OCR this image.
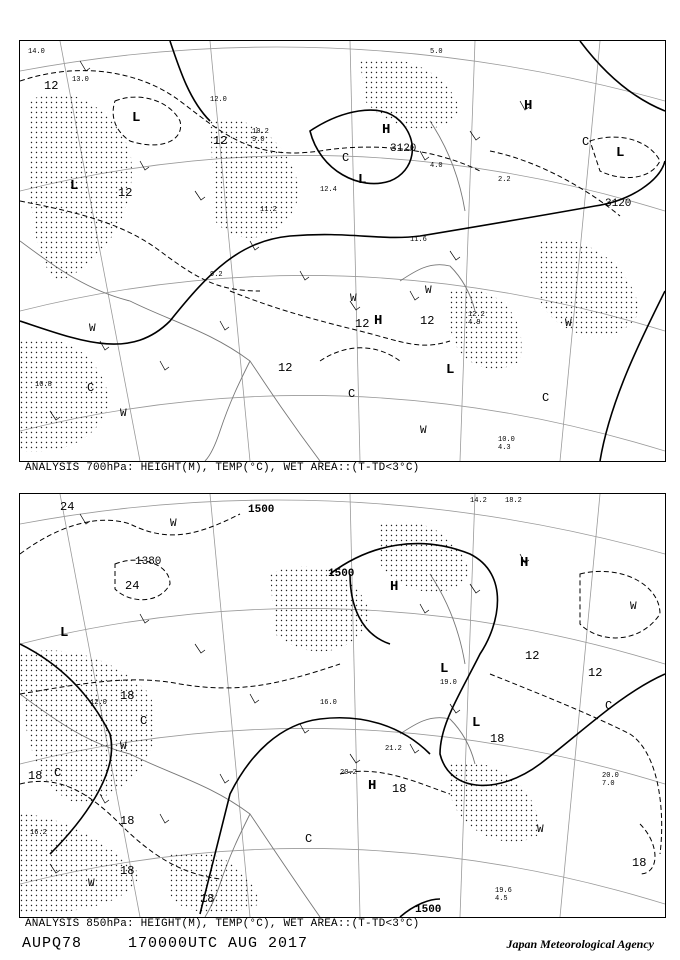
3120
3120
12
12
12
12	12
12
L
L	L
L
L
H
H
H
C
C	C	C
C
W
W
W
W
W
W
14.0
13.0
12.0
10.2
9.0
11.2
12.4
10.8
5.0
4.0
2.2
11.6
9.2
10.0
4.3
12.2
4.9
ANALYSIS 700hPa: HEIGHT(M), TEMP(°C), WET AREA::(T-TD<3°C)
1380
1500
1500
1500
24
24
18
18
18
18
18
18
18
18
12
12
L
L
L
H
H
H
C
C
C
C
W
W
W
W
W
18.2
14.2
16.0
21.2
20.2
19.0
20.0
7.0
19.6
4.5
16.2
12.0
ANALYSIS 850hPa: HEIGHT(M), TEMP(°C), WET AREA::(T-TD<3°C)
AUPQ78	170000UTC AUG 2017	Japan Meteorological Agency
